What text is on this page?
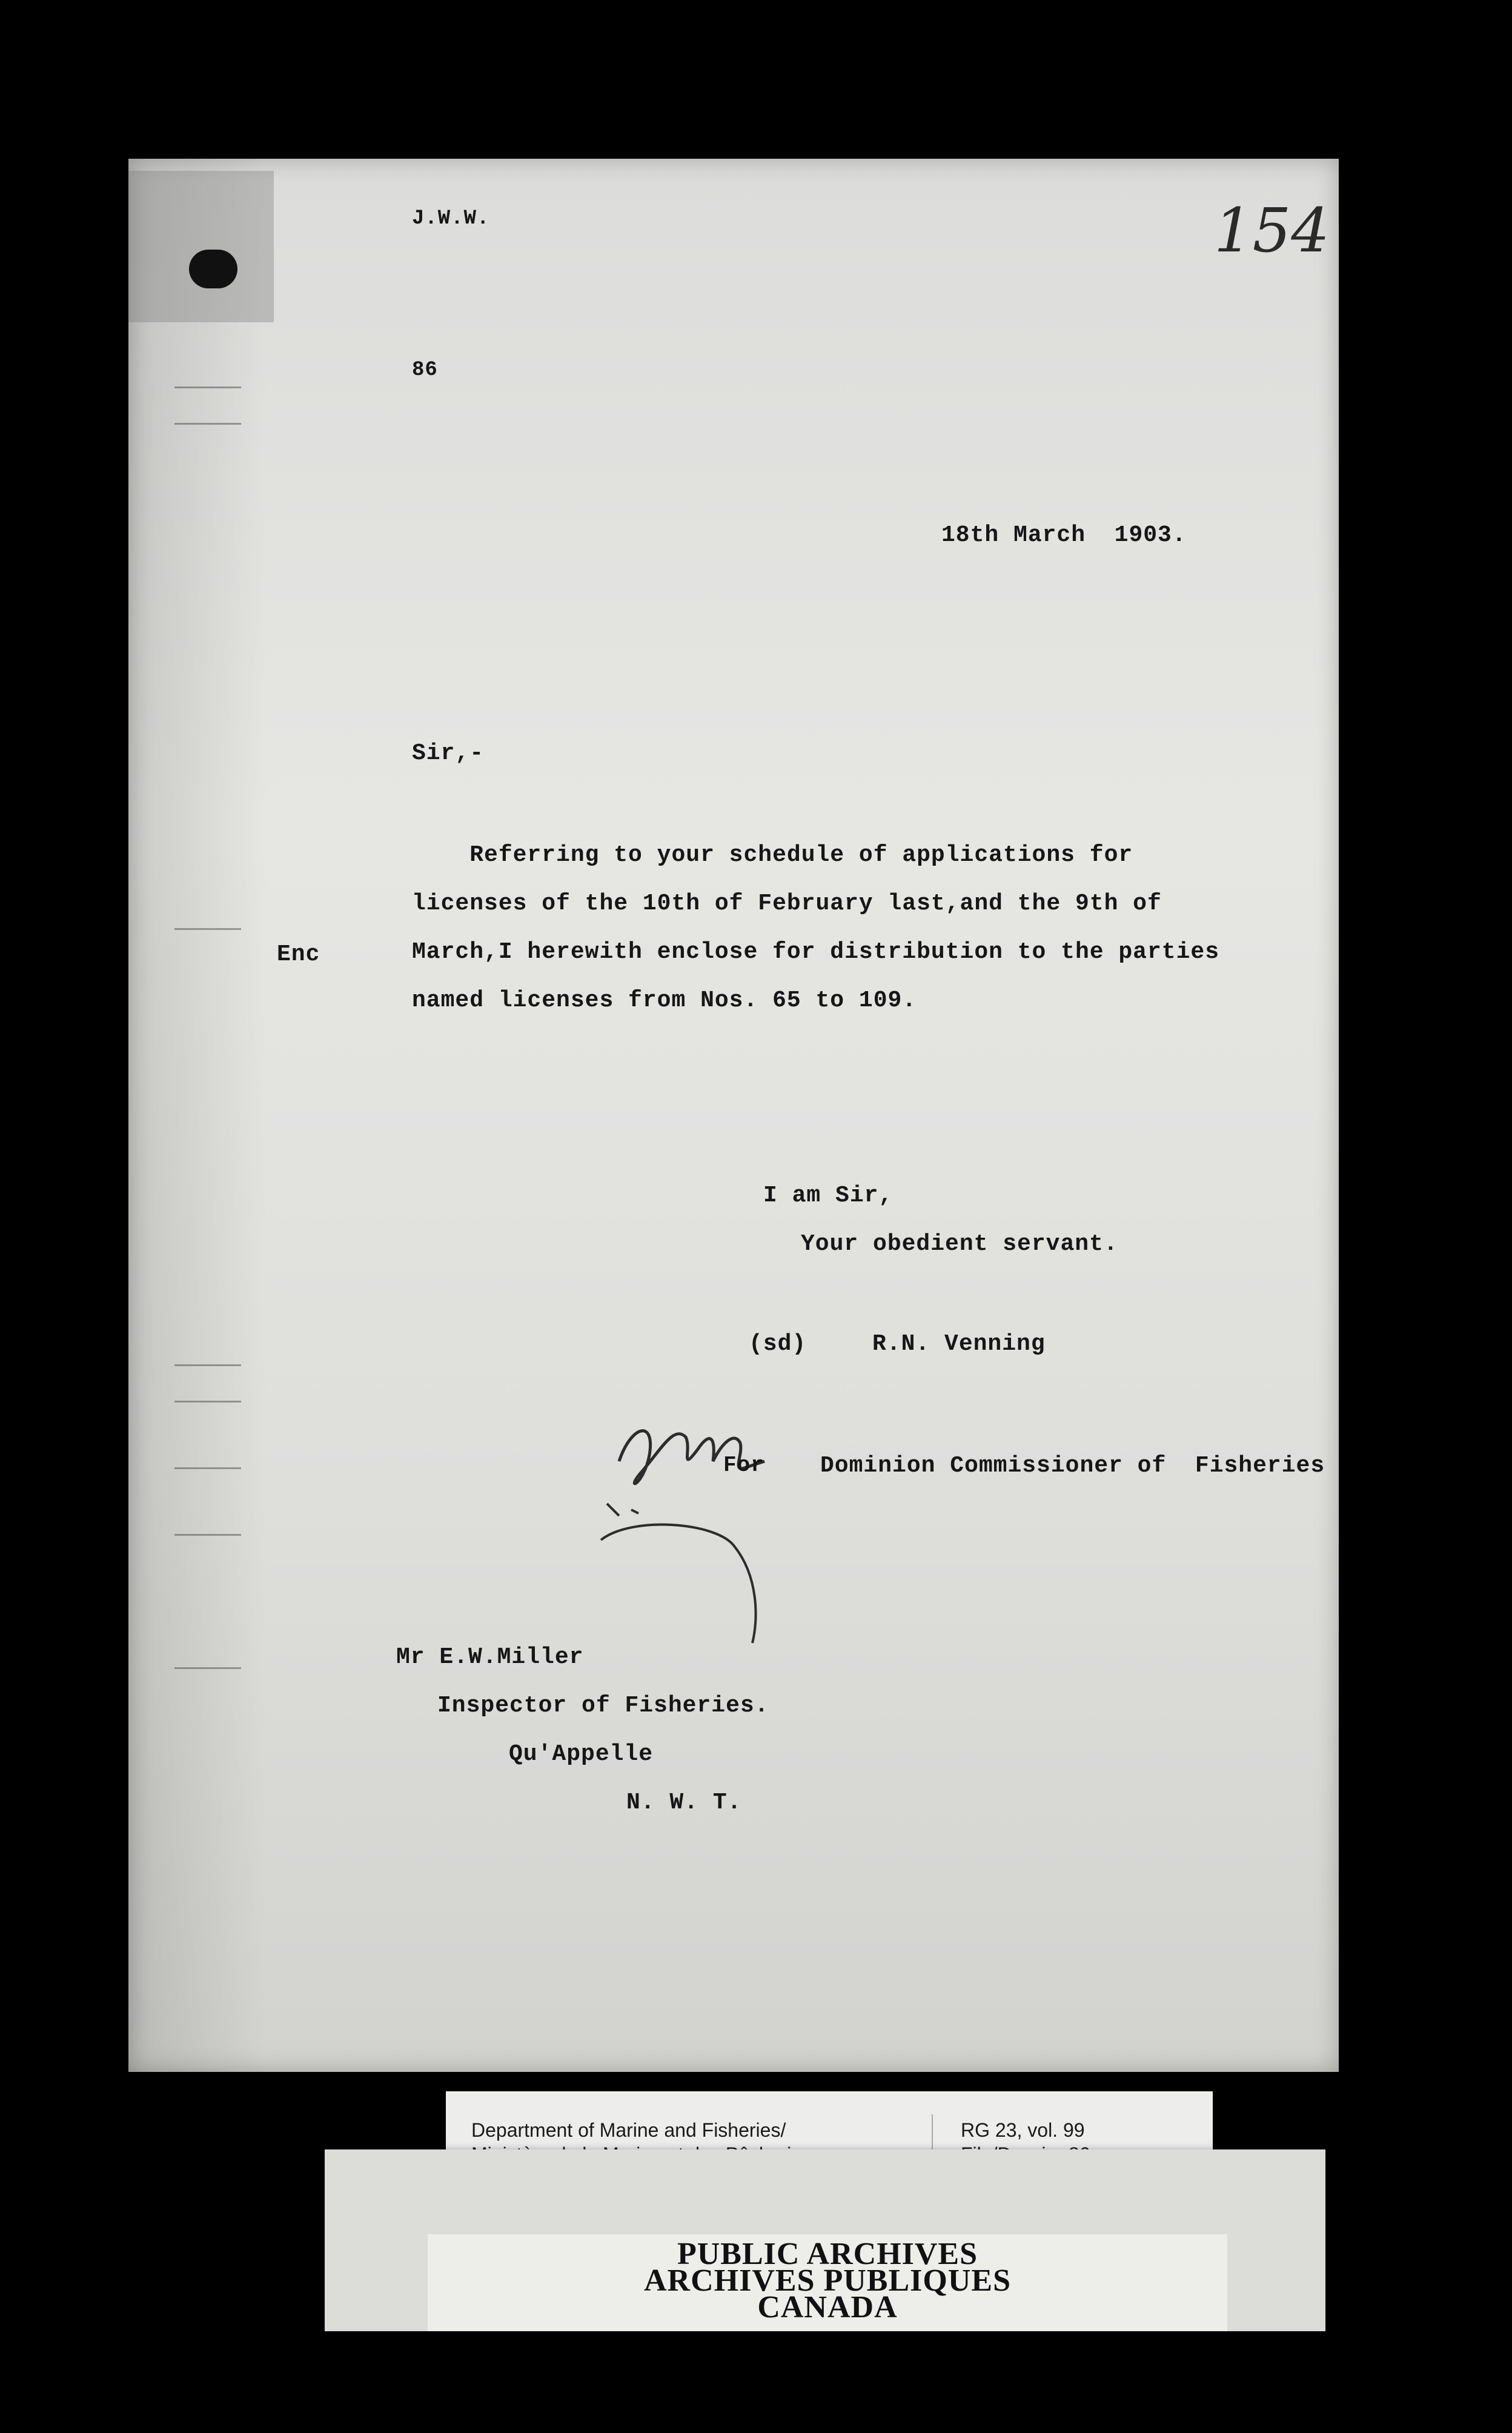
J.W.W.	154
86
18th March  1903.
Sir,-
Referring to your schedule of applications for
licenses of the 10th of February last,and the 9th of
March,I herewith enclose for distribution to the parties
named licenses from Nos. 65 to 109.
Enc
I am Sir,
Your obedient servant.
(sd)	R.N. Venning
For Dominion Commissioner of  Fisheries
Mr E.W.Miller
Inspector of Fisheries.
Qu'Appelle
N. W. T.
Department of Marine and Fisheries/	RG 23, vol. 99
PUBLIC ARCHIVES
ARCHIVES PUBLIQUES
CANADA
